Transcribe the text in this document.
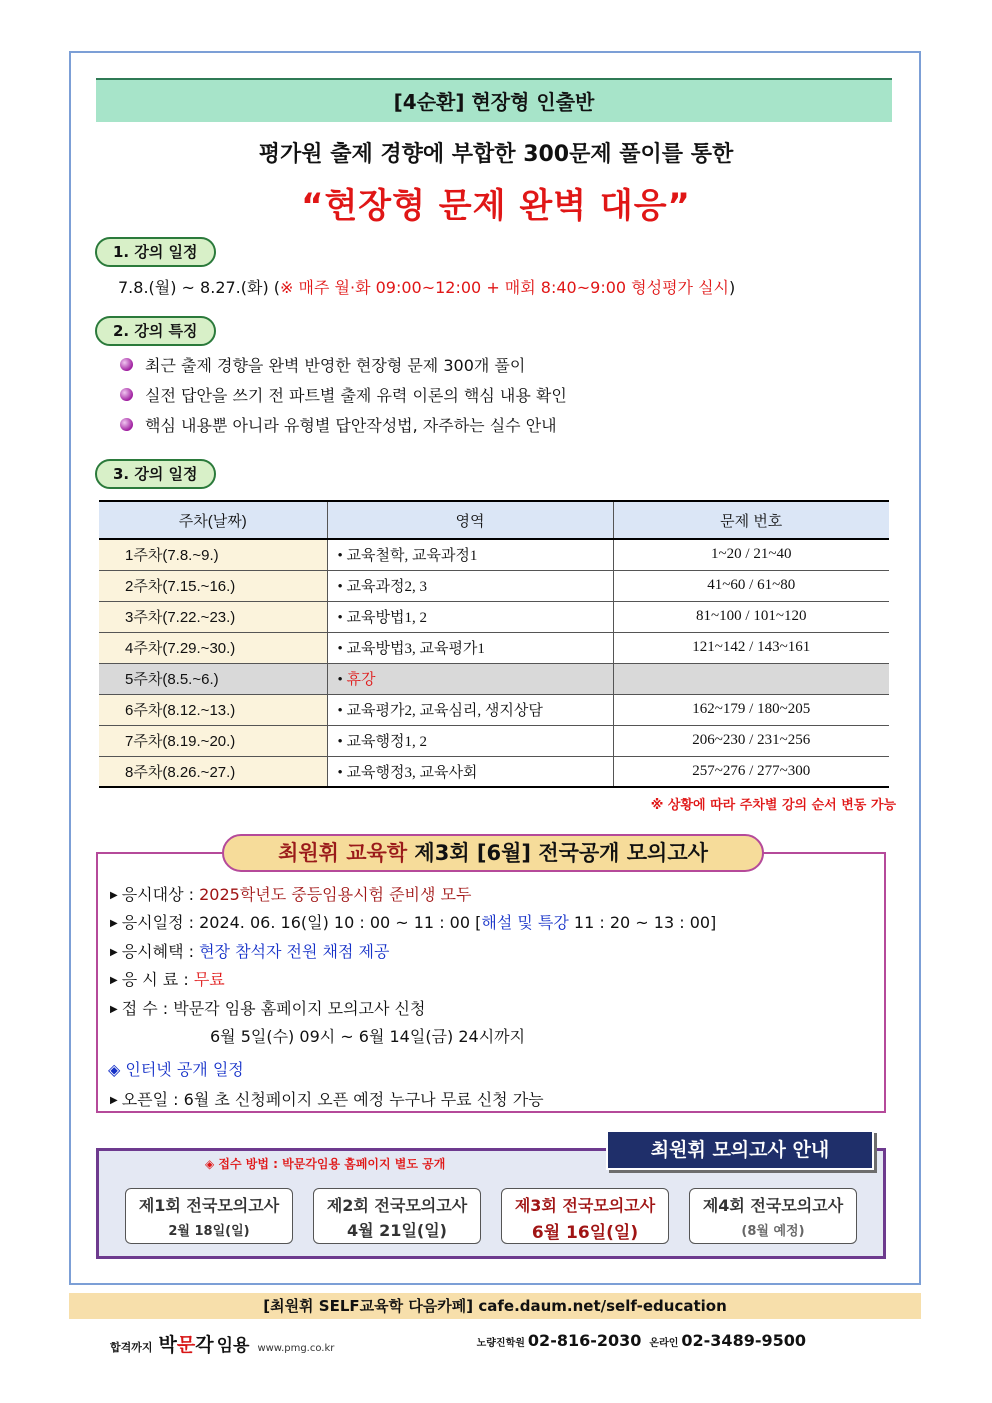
[4순환] 현장형 인출반
평가원 출제 경향에 부합한 300문제 풀이를 통한
“현장형 문제 완벽 대응”
1. 강의 일정
7.8.(월) ~ 8.27.(화) (※ 매주 월·화 09:00~12:00 + 매회 8:40~9:00 형성평가 실시)
2. 강의 특징
최근 출제 경향을 완벽 반영한 현장형 문제 300개 풀이
실전 답안을 쓰기 전 파트별 출제 유력 이론의 핵심 내용 확인
핵심 내용뿐 아니라 유형별 답안작성법, 자주하는 실수 안내
3. 강의 일정
주차(날짜)	영역	문제 번호
1주차(7.8.~9.)	• 교육철학, 교육과정1	1~20 / 21~40
2주차(7.15.~16.)	• 교육과정2, 3	41~60 / 61~80
3주차(7.22.~23.)	• 교육방법1, 2	81~100 / 101~120
4주차(7.29.~30.)	• 교육방법3, 교육평가1	121~142 / 143~161
5주차(8.5.~6.)	• 휴강	
6주차(8.12.~13.)	• 교육평가2, 교육심리, 생지상담	162~179 / 180~205
7주차(8.19.~20.)	• 교육행정1, 2	206~230 / 231~256
8주차(8.26.~27.)	• 교육행정3, 교육사회	257~276 / 277~300
※ 상황에 따라 주차별 강의 순서 변동 가능
최원휘 교육학 제3회 [6월] 전국공개 모의고사
▶ 응시대상 : 2025학년도 중등임용시험 준비생 모두
▶ 응시일정 : 2024. 06. 16(일) 10 : 00 ~ 11 : 00 [해설 및 특강 11 : 20 ~ 13 : 00]
▶ 응시혜택 : 현장 참석자 전원 채점 제공
▶ 응 시 료 : 무료
▶ 접 수 : 박문각 임용 홈페이지 모의고사 신청
6월 5일(수) 09시 ~ 6월 14일(금) 24시까지
◈ 인터넷 공개 일정
▶ 오픈일 : 6월 초 신청페이지 오픈 예정 누구나 무료 신청 가능
최원휘 모의고사 안내
◈ 접수 방법 : 박문각임용 홈페이지 별도 공개
제1회 전국모의고사
2월 18일(일)
제2회 전국모의고사
4월 21일(일)
제3회 전국모의고사
6월 16일(일)
제4회 전국모의고사
(8월 예정)
[최원휘 SELF교육학 다음카페] cafe.daum.net/self-education
합격까지 박문각 임용 www.pmg.co.kr	노량진학원 02-816-2030 온라인 02-3489-9500
